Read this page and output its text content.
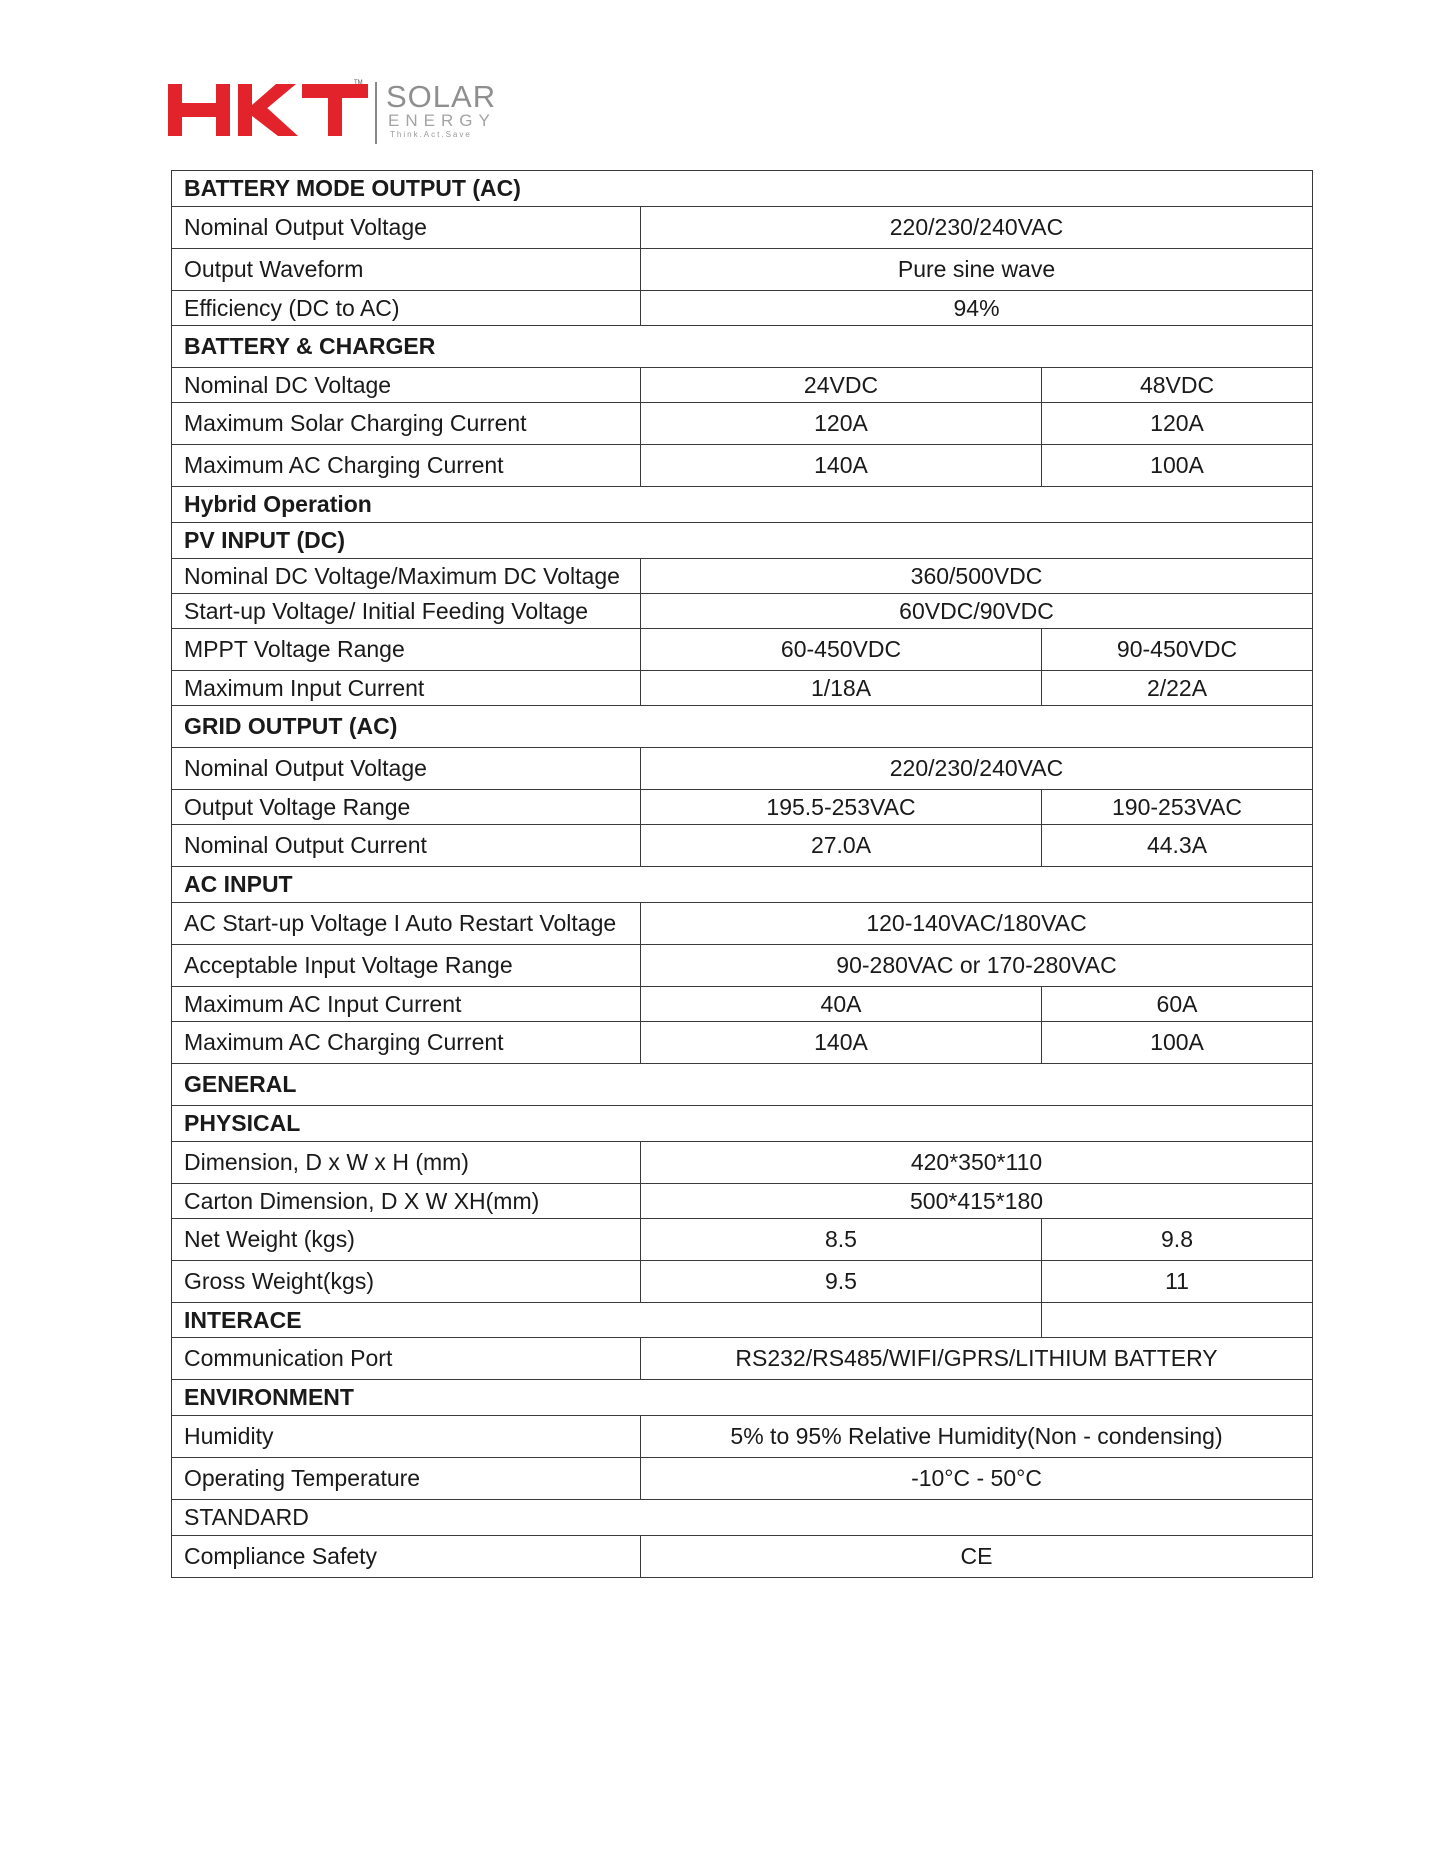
TM SOLAR
ENERGY
Think.Act.Save
BATTERY MODE OUTPUT (AC)		
Nominal Output Voltage	220/230/240VAC	
Output Waveform	Pure sine wave	
Efficiency (DC to AC)	94%	
BATTERY & CHARGER		
Nominal DC Voltage	24VDC	48VDC
Maximum Solar Charging Current	120A	120A
Maximum AC Charging Current	140A	100A
Hybrid Operation		
PV INPUT (DC)		
Nominal DC Voltage/Maximum DC Voltage	360/500VDC	
Start-up Voltage/ Initial Feeding Voltage	60VDC/90VDC	
MPPT Voltage Range	60-450VDC	90-450VDC
Maximum Input Current	1/18A	2/22A
GRID OUTPUT (AC)		
Nominal Output Voltage	220/230/240VAC	
Output Voltage Range	195.5-253VAC	190-253VAC
Nominal Output Current	27.0A	44.3A
AC INPUT		
AC Start-up Voltage I Auto Restart Voltage	120-140VAC/180VAC	
Acceptable Input Voltage Range	90-280VAC or 170-280VAC	
Maximum AC Input Current	40A	60A
Maximum AC Charging Current	140A	100A
GENERAL		
PHYSICAL		
Dimension, D x W x H (mm)	420*350*110	
Carton Dimension, D X W XH(mm)	500*415*180	
Net Weight (kgs)	8.5	9.8
Gross Weight(kgs)	9.5	11
INTERACE		
Communication Port	RS232/RS485/WIFI/GPRS/LITHIUM BATTERY	
ENVIRONMENT		
Humidity	5% to 95% Relative Humidity(Non - condensing)	
Operating Temperature	-10°C - 50°C	
STANDARD		
Compliance Safety	CE	
